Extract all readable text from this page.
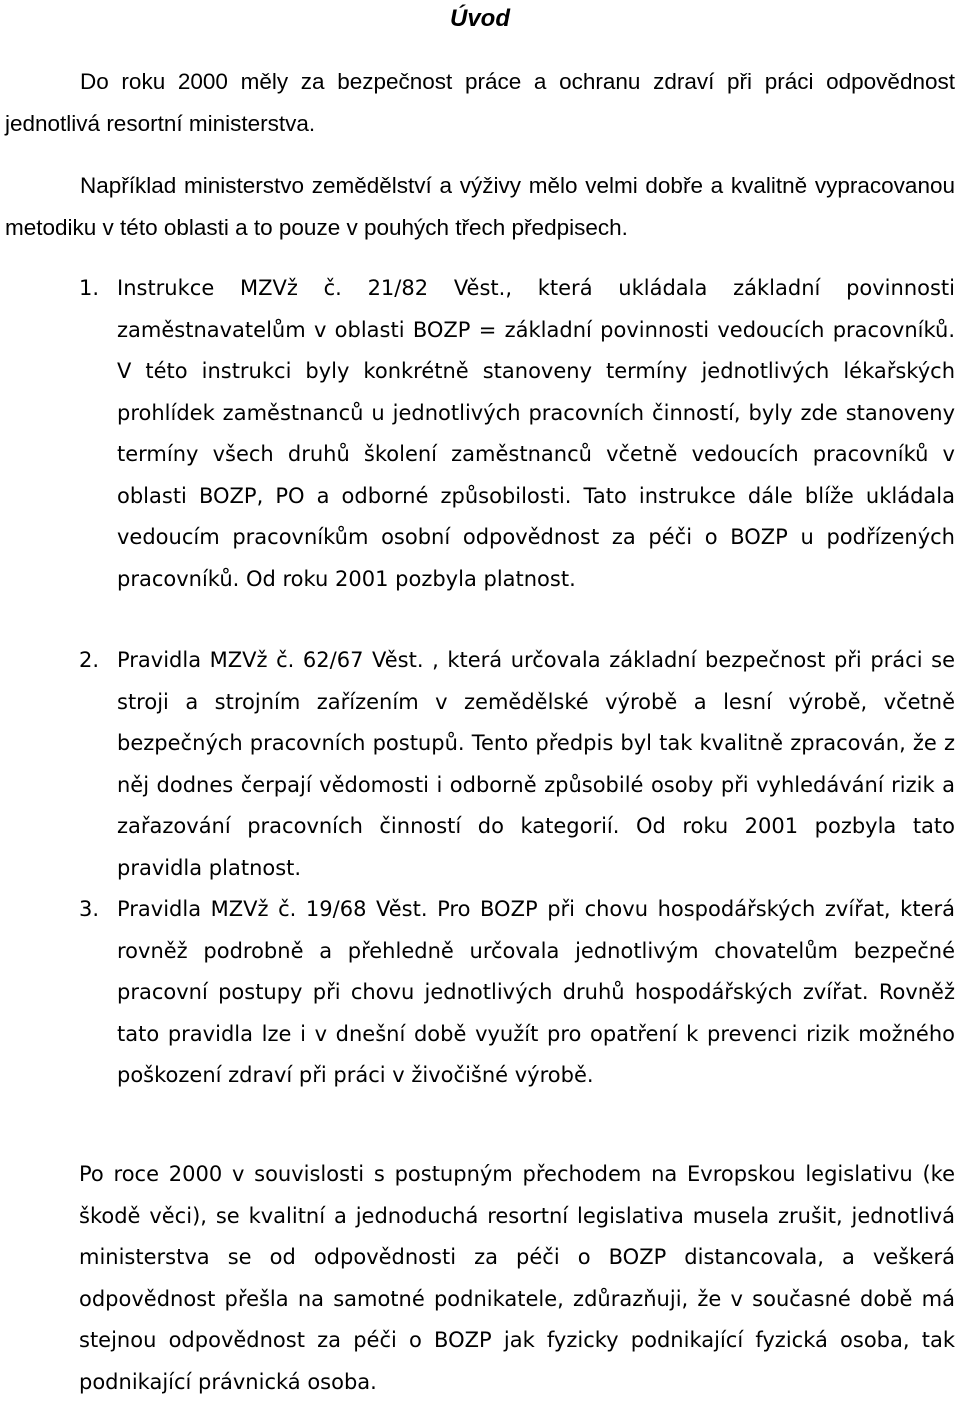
Úvod

Do roku 2000 měly za bezpečnost práce a ochranu zdraví při práci odpovědnost jednotlivá resortní ministerstva.

Například ministerstvo zemědělství a výživy mělo velmi dobře a kvalitně vypracovanou metodiku v této oblasti a to pouze v pouhých třech předpisech.

1. Instrukce MZVž č. 21/82 Věst., která ukládala základní povinnosti zaměstnavatelům v oblasti BOZP = základní povinnosti vedoucích pracovníků. V této instrukci byly konkrétně stanoveny termíny jednotlivých lékařských prohlídek zaměstnanců u jednotlivých pracovních činností, byly zde stanoveny termíny všech druhů školení zaměstnanců včetně vedoucích pracovníků v oblasti BOZP, PO a odborné způsobilosti. Tato instrukce dále blíže ukládala vedoucím pracovníkům osobní odpovědnost za péči o BOZP u podřízených pracovníků. Od roku 2001 pozbyla platnost.

2. Pravidla MZVž č. 62/67 Věst. , která určovala základní bezpečnost při práci se stroji a strojním zařízením v zemědělské výrobě a lesní výrobě, včetně bezpečných pracovních postupů. Tento předpis byl tak kvalitně zpracován, že z něj dodnes čerpají vědomosti i odborně způsobilé osoby při vyhledávání rizik a zařazování pracovních činností do kategorií. Od roku 2001 pozbyla tato pravidla platnost.

3. Pravidla MZVž č. 19/68 Věst. Pro BOZP při chovu hospodářských zvířat, která rovněž podrobně a přehledně určovala jednotlivým chovatelům bezpečné pracovní postupy při chovu jednotlivých druhů hospodářských zvířat. Rovněž tato pravidla lze i v dnešní době využít pro opatření k prevenci rizik možného poškození zdraví při práci v živočišné výrobě.

Po roce 2000 v souvislosti s postupným přechodem na Evropskou legislativu (ke škodě věci), se kvalitní a jednoduchá resortní legislativa musela zrušit, jednotlivá ministerstva se od odpovědnosti za péči o BOZP distancovala, a veškerá odpovědnost přešla na samotné podnikatele, zdůrazňuji, že v současné době má stejnou odpovědnost za péči o BOZP jak fyzicky podnikající fyzická osoba, tak podnikající právnická osoba.
